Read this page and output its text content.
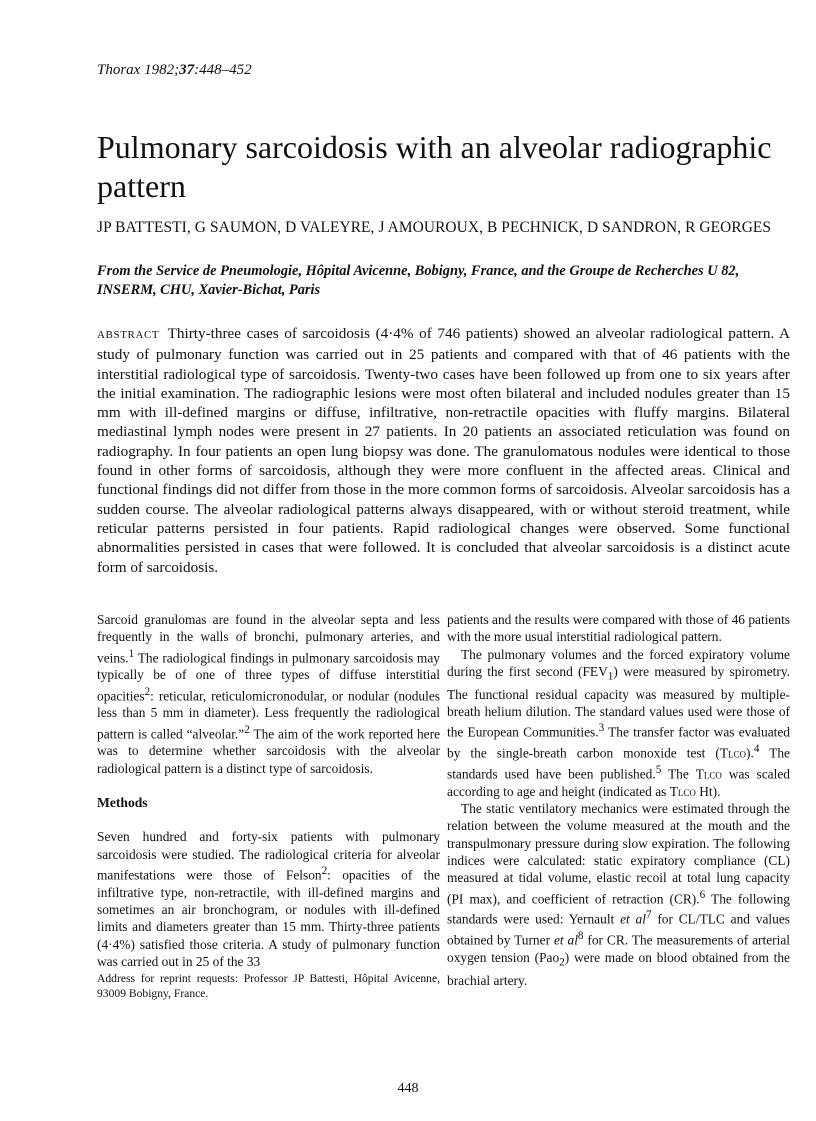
Thorax 1982;37:448–452
Pulmonary sarcoidosis with an alveolar radiographic pattern
JP BATTESTI, G SAUMON, D VALEYRE, J AMOUROUX, B PECHNICK, D SANDRON, R GEORGES
From the Service de Pneumologie, Hôpital Avicenne, Bobigny, France, and the Groupe de Recherches U 82, INSERM, CHU, Xavier-Bichat, Paris
ABSTRACT Thirty-three cases of sarcoidosis (4·4% of 746 patients) showed an alveolar radiological pattern. A study of pulmonary function was carried out in 25 patients and compared with that of 46 patients with the interstitial radiological type of sarcoidosis. Twenty-two cases have been followed up from one to six years after the initial examination. The radiographic lesions were most often bilateral and included nodules greater than 15 mm with ill-defined margins or diffuse, infiltrative, non-retractile opacities with fluffy margins. Bilateral mediastinal lymph nodes were present in 27 patients. In 20 patients an associated reticulation was found on radiography. In four patients an open lung biopsy was done. The granulomatous nodules were identical to those found in other forms of sarcoidosis, although they were more confluent in the affected areas. Clinical and functional findings did not differ from those in the more common forms of sarcoidosis. Alveolar sarcoidosis has a sudden course. The alveolar radiological patterns always disappeared, with or without steroid treatment, while reticular patterns persisted in four patients. Rapid radiological changes were observed. Some functional abnormalities persisted in cases that were followed. It is concluded that alveolar sarcoidosis is a distinct acute form of sarcoidosis.

Sarcoid granulomas are found in the alveolar septa and less frequently in the walls of bronchi, pulmonary arteries, and veins.$^1$ The radiological findings in pulmonary sarcoidosis may typically be of one of three types of diffuse interstitial opacities$^2$: reticular, reticulomicronodular, or nodular (nodules less than 5 mm in diameter). Less frequently the radiological pattern is called “alveolar.”$^2$ The aim of the work reported here was to determine whether sarcoidosis with the alveolar radiological pattern is a distinct type of sarcoidosis.

Methods

Seven hundred and forty-six patients with pulmonary sarcoidosis were studied. The radiological criteria for alveolar manifestations were those of Felson$^2$: opacities of the infiltrative type, non-retractile, with ill-defined margins and sometimes an air bronchogram, or nodules with ill-defined limits and diameters greater than 15 mm. Thirty-three patients (4·4%) satisfied those criteria. A study of pulmonary function was carried out in 25 of the 33

Address for reprint requests: Professor JP Battesti, Hôpital Avicenne, 93009 Bobigny, France.

patients and the results were compared with those of 46 patients with the more usual interstitial radiological pattern.

The pulmonary volumes and the forced expiratory volume during the first second $(FEV_1)$ were measured by spirometry. The functional residual capacity was measured by multiple-breath helium dilution. The standard values used were those of the European Communities.$^3$ The transfer factor was evaluated by the single-breath carbon monoxide test (Tlco).$^4$ The standards used have been published.$^5$ The Tlco was scaled according to age and height (indicated as Tlco Ht).

The static ventilatory mechanics were estimated through the relation between the volume measured at the mouth and the transpulmonary pressure during slow expiration. The following indices were calculated: static expiratory compliance (CL) measured at tidal volume, elastic recoil at total lung capacity (PI max), and coefficient of retraction (CR).$^6$ The following standards were used: Yernault et $al^7$ for CL/TLC and values obtained by Turner et $al^8$ for CR. The measurements of arterial oxygen tension (Pao$_2$) were made on blood obtained from the brachial artery.

448
